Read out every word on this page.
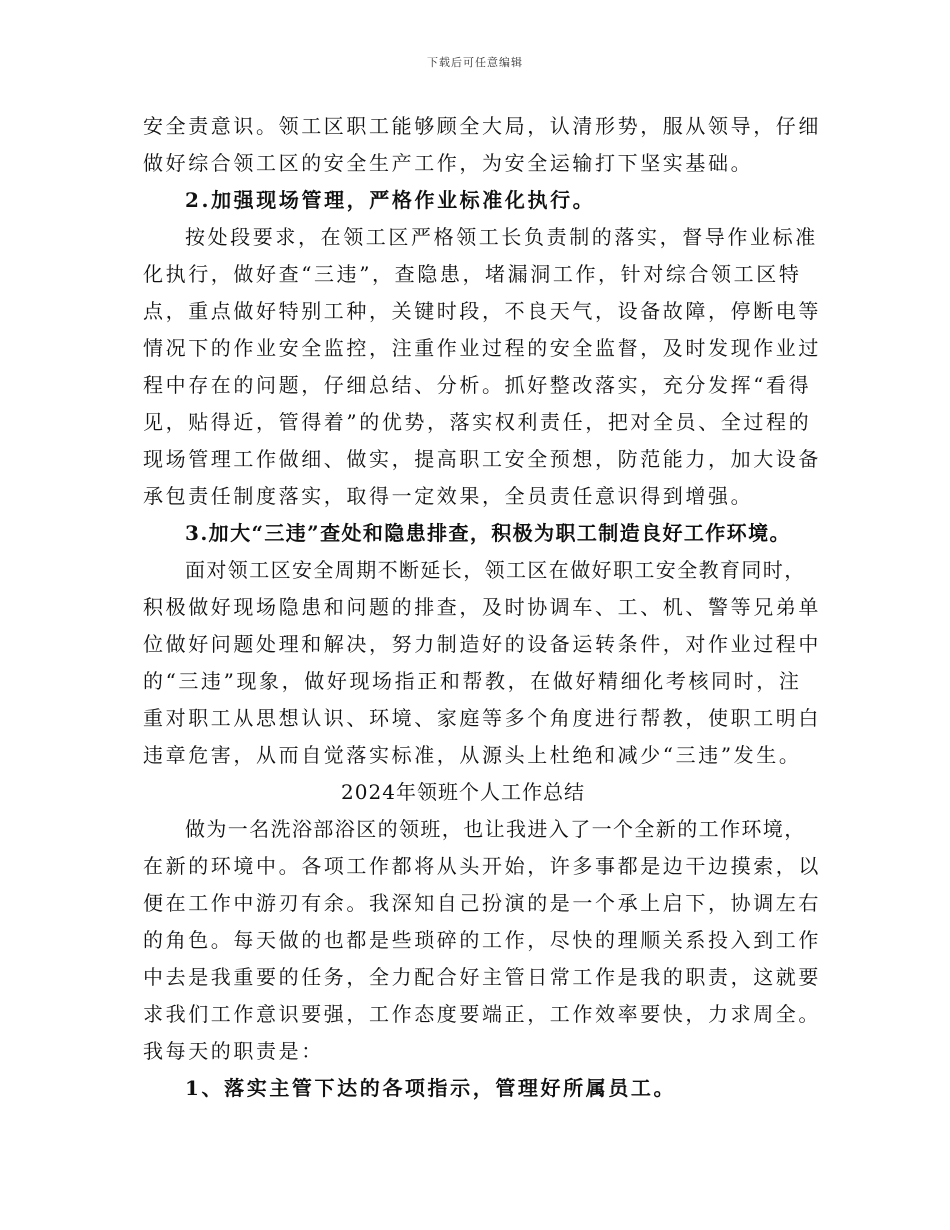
下载后可任意编辑
安全责意识。领工区职工能够顾全大局，认清形势，服从领导，仔细
做好综合领工区的安全生产工作，为安全运输打下坚实基础。
2.加强现场管理，严格作业标准化执行。
按处段要求，在领工区严格领工长负责制的落实，督导作业标准
化执行，做好查“三违”，查隐患，堵漏洞工作，针对综合领工区特
点，重点做好特别工种，关键时段，不良天气，设备故障，停断电等
情况下的作业安全监控，注重作业过程的安全监督，及时发现作业过
程中存在的问题，仔细总结、分析。抓好整改落实，充分发挥“看得
见，贴得近，管得着”的优势，落实权利责任，把对全员、全过程的
现场管理工作做细、做实，提高职工安全预想，防范能力，加大设备
承包责任制度落实，取得一定效果，全员责任意识得到增强。
3.加大“三违”查处和隐患排查，积极为职工制造良好工作环境。
面对领工区安全周期不断延长，领工区在做好职工安全教育同时，
积极做好现场隐患和问题的排查，及时协调车、工、机、警等兄弟单
位做好问题处理和解决，努力制造好的设备运转条件，对作业过程中
的“三违”现象，做好现场指正和帮教，在做好精细化考核同时，注
重对职工从思想认识、环境、家庭等多个角度进行帮教，使职工明白
违章危害，从而自觉落实标准，从源头上杜绝和减少“三违”发生。
2024年领班个人工作总结
做为一名洗浴部浴区的领班，也让我进入了一个全新的工作环境，
在新的环境中。各项工作都将从头开始，许多事都是边干边摸索，以
便在工作中游刃有余。我深知自己扮演的是一个承上启下，协调左右
的角色。每天做的也都是些琐碎的工作，尽快的理顺关系投入到工作
中去是我重要的任务，全力配合好主管日常工作是我的职责，这就要
求我们工作意识要强，工作态度要端正，工作效率要快，力求周全。
我每天的职责是：
1、落实主管下达的各项指示，管理好所属员工。
